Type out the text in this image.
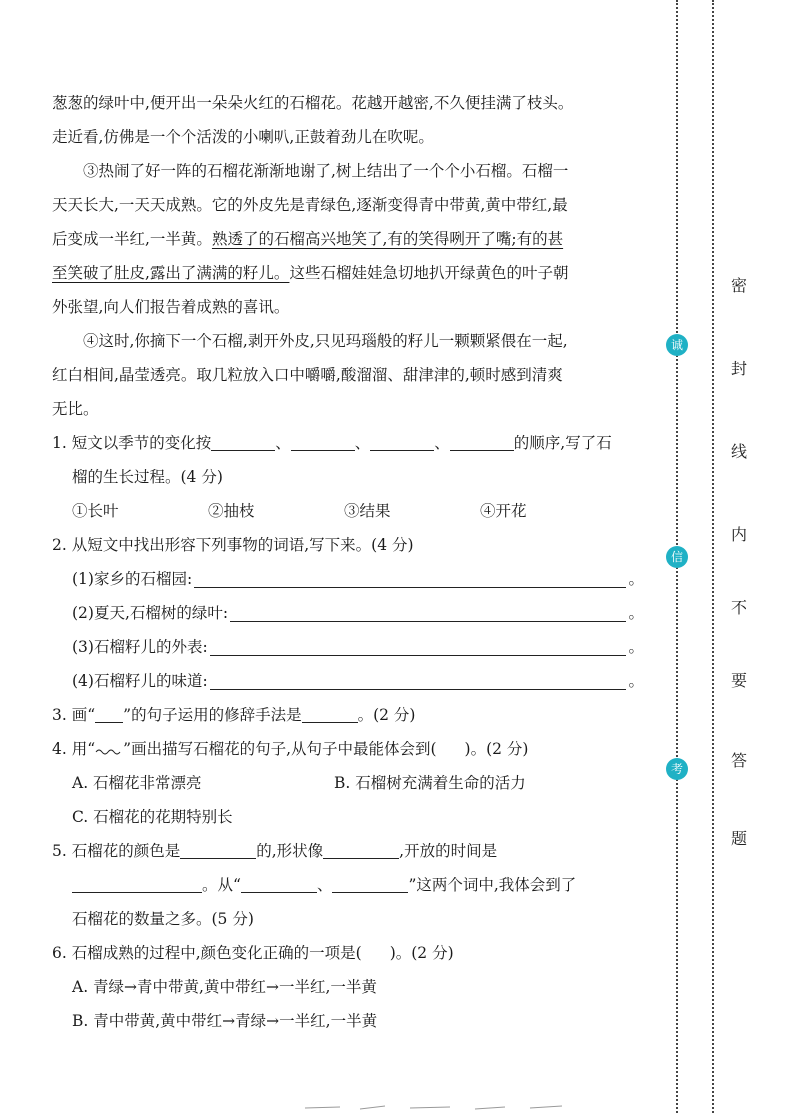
葱葱的绿叶中,便开出一朵朵火红的石榴花。花越开越密,不久便挂满了枝头。
走近看,仿佛是一个个活泼的小喇叭,正鼓着劲儿在吹呢。
③热闹了好一阵的石榴花渐渐地谢了,树上结出了一个个小石榴。石榴一
天天长大,一天天成熟。它的外皮先是青绿色,逐渐变得青中带黄,黄中带红,最
后变成一半红,一半黄。熟透了的石榴高兴地笑了,有的笑得咧开了嘴;有的甚
至笑破了肚皮,露出了满满的籽儿。这些石榴娃娃急切地扒开绿黄色的叶子朝
外张望,向人们报告着成熟的喜讯。
④这时,你摘下一个石榴,剥开外皮,只见玛瑙般的籽儿一颗颗紧偎在一起,
红白相间,晶莹透亮。取几粒放入口中嚼嚼,酸溜溜、甜津津的,顿时感到清爽
无比。
1. 短文以季节的变化按	、	、	、	的顺序,写了石
榴的生长过程。(4 分)
①长叶	②抽枝	③结果	④开花
2. 从短文中找出形容下列事物的词语,写下来。(4 分)
(1)家乡的石榴园:	。
(2)夏天,石榴树的绿叶:	。
(3)石榴籽儿的外表:	。
(4)石榴籽儿的味道:	。
3. 画“ ”的句子运用的修辞手法是	。(2 分)
4. 用“ ”画出描写石榴花的句子,从句子中最能体会到( )。(2 分)
A. 石榴花非常漂亮	B. 石榴树充满着生命的活力
C. 石榴花的花期特别长
5. 石榴花的颜色是	的,形状像	,开放的时间是
。从“	、	”这两个词中,我体会到了
石榴花的数量之多。(5 分)
6. 石榴成熟的过程中,颜色变化正确的一项是( )。(2 分)
A. 青绿→青中带黄,黄中带红→一半红,一半黄
B. 青中带黄,黄中带红→青绿→一半红,一半黄
诚
信
考
密
封
线
内
不
要
答
题
